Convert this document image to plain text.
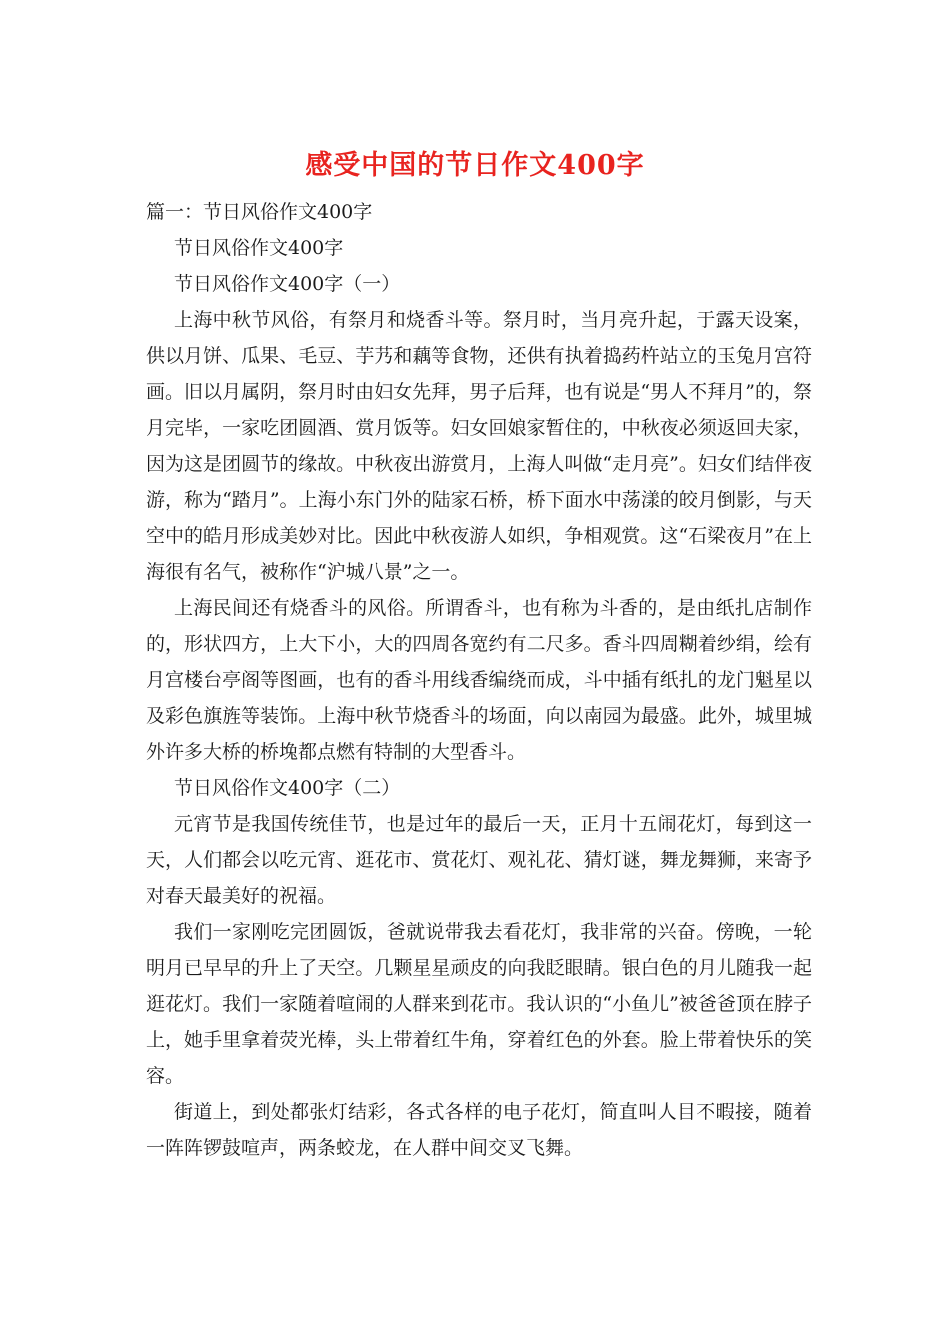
感受中国的节日作文400字

篇一：节日风俗作文400字

节日风俗作文400字

节日风俗作文400字（一）

上海中秋节风俗，有祭月和烧香斗等。祭月时，当月亮升起，于露天设案，供以月饼、瓜果、毛豆、芋艿和藕等食物，还供有执着捣药杵站立的玉兔月宫符画。旧以月属阴，祭月时由妇女先拜，男子后拜，也有说是“男人不拜月”的，祭月完毕，一家吃团圆酒、赏月饭等。妇女回娘家暂住的，中秋夜必须返回夫家，因为这是团圆节的缘故。中秋夜出游赏月，上海人叫做“走月亮”。妇女们结伴夜游，称为“踏月”。上海小东门外的陆家石桥，桥下面水中荡漾的皎月倒影，与天空中的皓月形成美妙对比。因此中秋夜游人如织，争相观赏。这“石梁夜月”在上海很有名气，被称作“沪城八景”之一。

上海民间还有烧香斗的风俗。所谓香斗，也有称为斗香的，是由纸扎店制作的，形状四方，上大下小，大的四周各宽约有二尺多。香斗四周糊着纱绢，绘有月宫楼台亭阁等图画，也有的香斗用线香编绕而成，斗中插有纸扎的龙门魁星以及彩色旗旌等装饰。上海中秋节烧香斗的场面，向以南园为最盛。此外，城里城外许多大桥的桥堍都点燃有特制的大型香斗。

节日风俗作文400字（二）

元宵节是我国传统佳节，也是过年的最后一天，正月十五闹花灯，每到这一天，人们都会以吃元宵、逛花市、赏花灯、观礼花、猜灯谜，舞龙舞狮，来寄予对春天最美好的祝福。

我们一家刚吃完团圆饭，爸就说带我去看花灯，我非常的兴奋。傍晚，一轮明月已早早的升上了天空。几颗星星顽皮的向我眨眼睛。银白色的月儿随我一起逛花灯。我们一家随着喧闹的人群来到花市。我认识的“小鱼儿”被爸爸顶在脖子上，她手里拿着荧光棒，头上带着红牛角，穿着红色的外套。脸上带着快乐的笑容。

街道上，到处都张灯结彩，各式各样的电子花灯，简直叫人目不暇接，随着一阵阵锣鼓喧声，两条蛟龙，在人群中间交叉飞舞。
